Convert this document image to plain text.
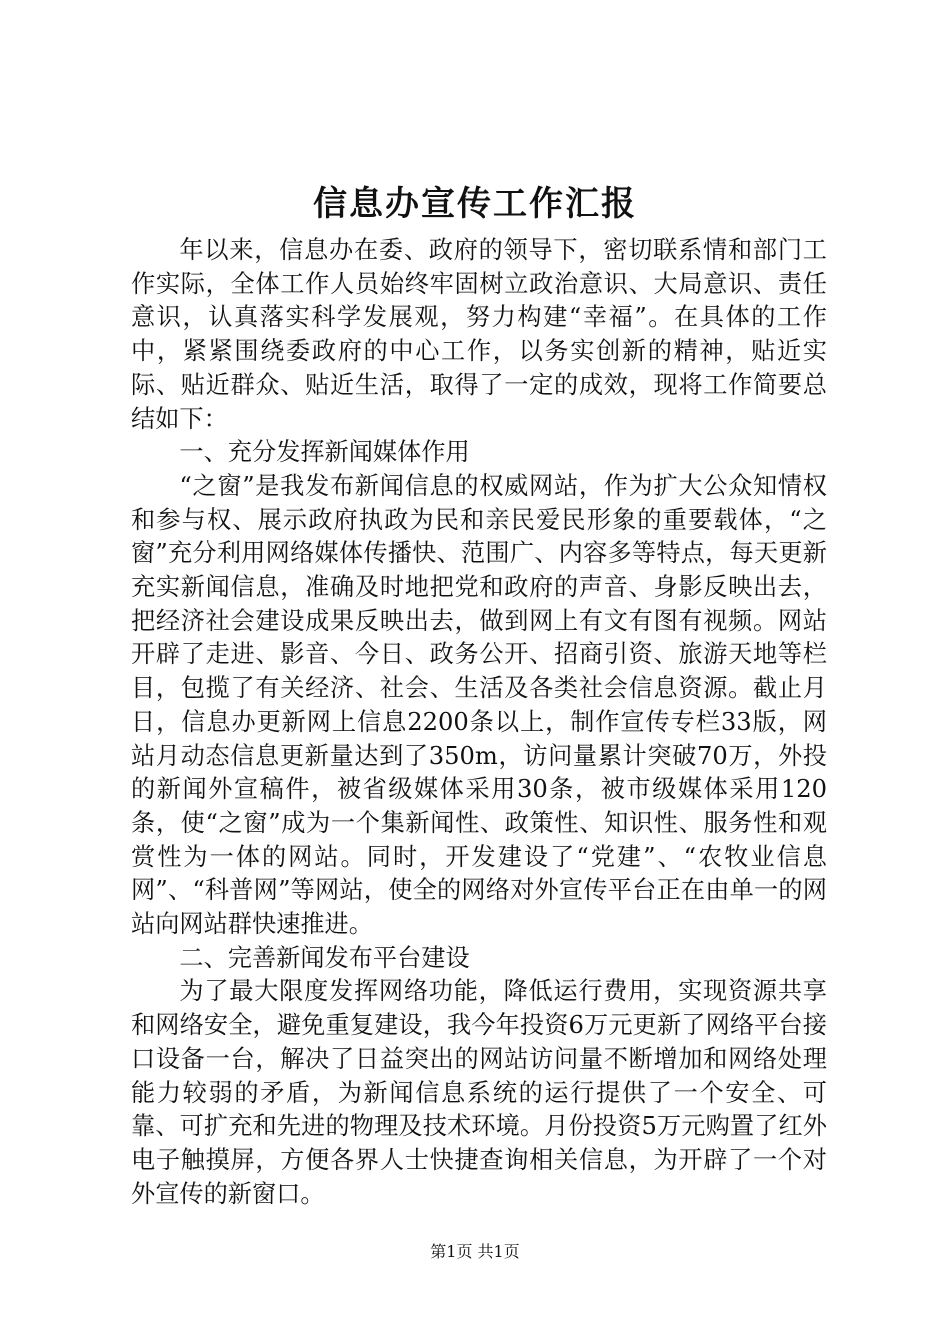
信息办宣传工作汇报

年以来，信息办在委、政府的领导下，密切联系情和部门工作实际，全体工作人员始终牢固树立政治意识、大局意识、责任意识，认真落实科学发展观，努力构建“幸福”。在具体的工作中，紧紧围绕委政府的中心工作，以务实创新的精神，贴近实际、贴近群众、贴近生活，取得了一定的成效，现将工作简要总结如下：

一、充分发挥新闻媒体作用

“之窗”是我发布新闻信息的权威网站，作为扩大公众知情权和参与权、展示政府执政为民和亲民爱民形象的重要载体，“之窗”充分利用网络媒体传播快、范围广、内容多等特点，每天更新充实新闻信息，准确及时地把党和政府的声音、身影反映出去，把经济社会建设成果反映出去，做到网上有文有图有视频。网站开辟了走进、影音、今日、政务公开、招商引资、旅游天地等栏目，包揽了有关经济、社会、生活及各类社会信息资源。截止月日，信息办更新网上信息2200条以上，制作宣传专栏33版，网站月动态信息更新量达到了350m，访问量累计突破70万，外投的新闻外宣稿件，被省级媒体采用30条，被市级媒体采用120条，使“之窗”成为一个集新闻性、政策性、知识性、服务性和观赏性为一体的网站。同时，开发建设了“党建”、“农牧业信息网”、“科普网”等网站，使全的网络对外宣传平台正在由单一的网站向网站群快速推进。

二、完善新闻发布平台建设

为了最大限度发挥网络功能，降低运行费用，实现资源共享和网络安全，避免重复建设，我今年投资6万元更新了网络平台接口设备一台，解决了日益突出的网站访问量不断增加和网络处理能力较弱的矛盾，为新闻信息系统的运行提供了一个安全、可靠、可扩充和先进的物理及技术环境。月份投资5万元购置了红外电子触摸屏，方便各界人士快捷查询相关信息，为开辟了一个对外宣传的新窗口。

第1页 共1页
